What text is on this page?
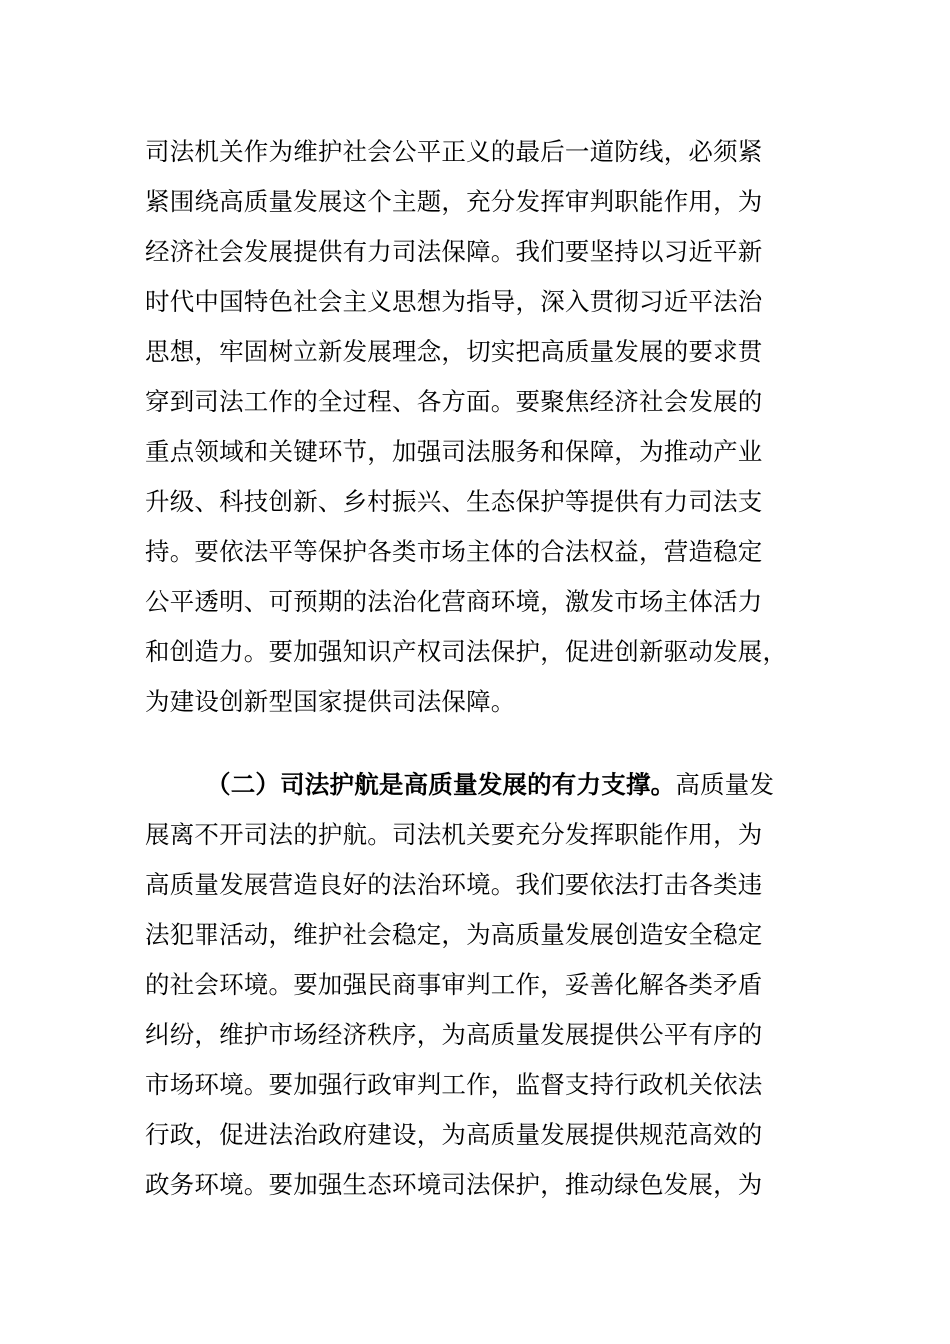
司法机关作为维护社会公平正义的最后一道防线，必须紧
紧围绕高质量发展这个主题，充分发挥审判职能作用，为
经济社会发展提供有力司法保障。我们要坚持以习近平新
时代中国特色社会主义思想为指导，深入贯彻习近平法治
思想，牢固树立新发展理念，切实把高质量发展的要求贯
穿到司法工作的全过程、各方面。要聚焦经济社会发展的
重点领域和关键环节，加强司法服务和保障，为推动产业
升级、科技创新、乡村振兴、生态保护等提供有力司法支
持。要依法平等保护各类市场主体的合法权益，营造稳定
公平透明、可预期的法治化营商环境，激发市场主体活力
和创造力。要加强知识产权司法保护，促进创新驱动发展，
为建设创新型国家提供司法保障。
（二）司法护航是高质量发展的有力支撑。高质量发
展离不开司法的护航。司法机关要充分发挥职能作用，为
高质量发展营造良好的法治环境。我们要依法打击各类违
法犯罪活动，维护社会稳定，为高质量发展创造安全稳定
的社会环境。要加强民商事审判工作，妥善化解各类矛盾
纠纷，维护市场经济秩序，为高质量发展提供公平有序的
市场环境。要加强行政审判工作，监督支持行政机关依法
行政，促进法治政府建设，为高质量发展提供规范高效的
政务环境。要加强生态环境司法保护，推动绿色发展，为
